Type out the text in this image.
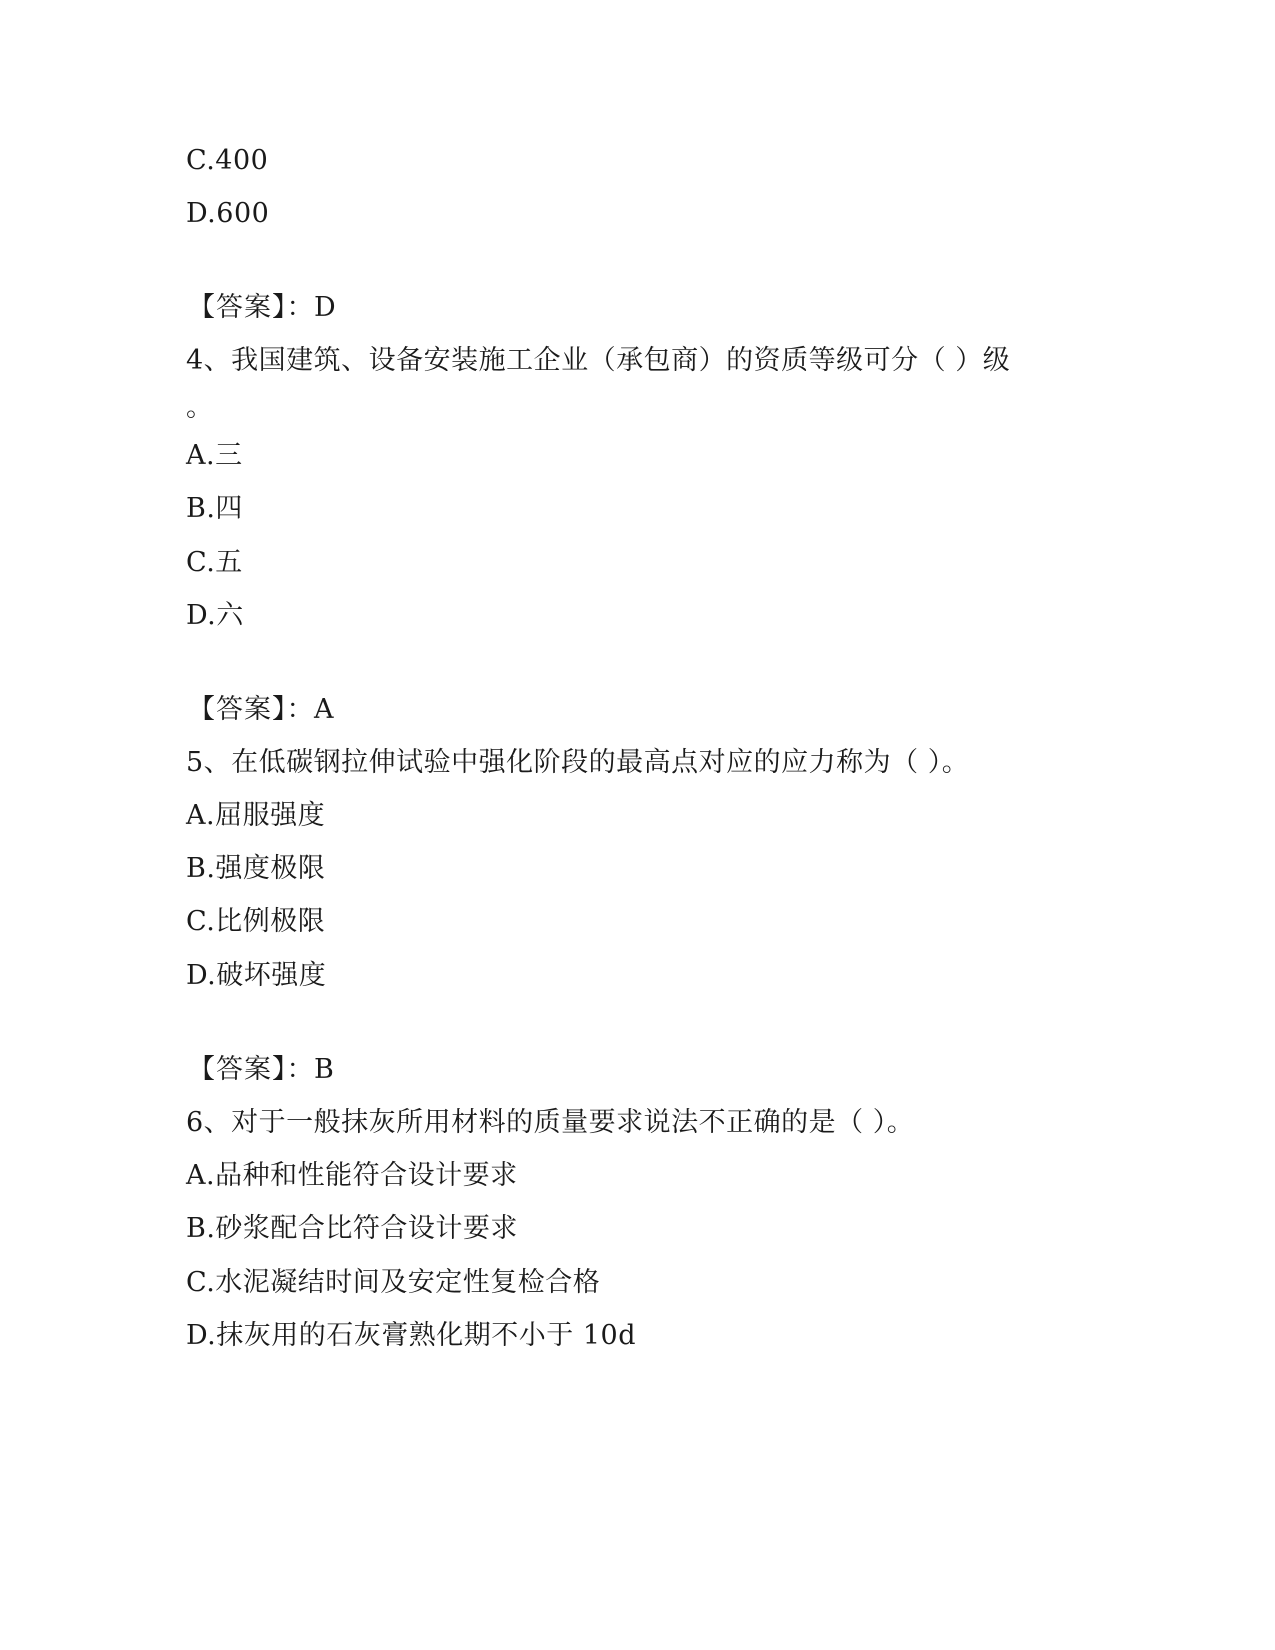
C.400
D.600
【答案】：D
4、我国建筑、设备安装施工企业（承包商）的资质等级可分（ ）级
。
A.三
B.四
C.五
D.六
【答案】：A
5、在低碳钢拉伸试验中强化阶段的最高点对应的应力称为（ ）。
A.屈服强度
B.强度极限
C.比例极限
D.破坏强度
【答案】：B
6、对于一般抹灰所用材料的质量要求说法不正确的是（ ）。
A.品种和性能符合设计要求
B.砂浆配合比符合设计要求
C.水泥凝结时间及安定性复检合格
D.抹灰用的石灰膏熟化期不小于 10d
